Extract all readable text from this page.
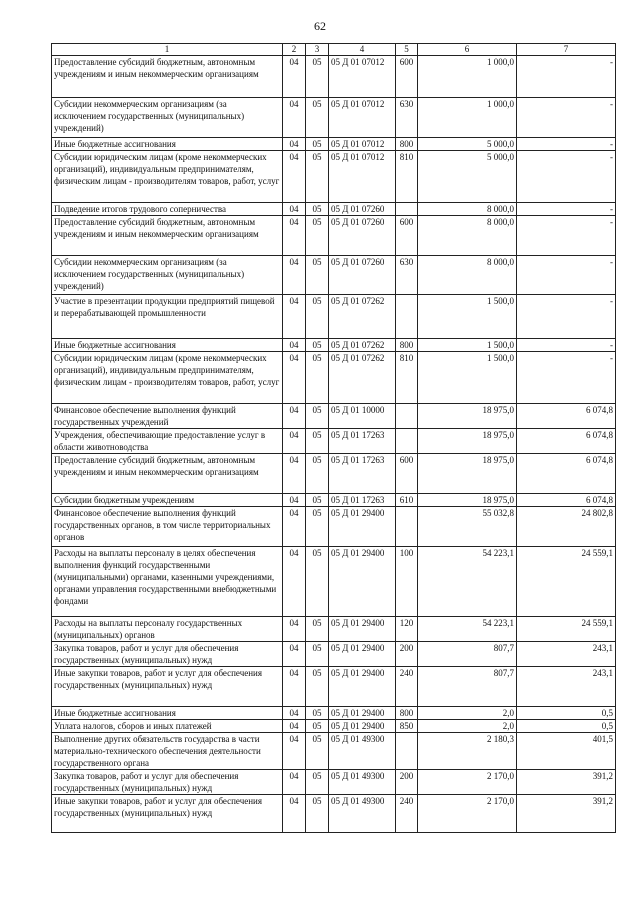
62
1	2	3	4	5	6	7
Предоставление субсидий бюджетным, автономным учреждениям и иным некоммерческим организациям	04	05	05 Д 01 07012	600	1 000,0	-
Субсидии некоммерческим организациям (за исключением государственных (муниципальных) учреждений)	04	05	05 Д 01 07012	630	1 000,0	-
Иные бюджетные ассигнования	04	05	05 Д 01 07012	800	5 000,0	-
Субсидии юридическим лицам (кроме некоммерческих организаций), индивидуальным предпринимателям, физическим лицам - производителям товаров, работ, услуг	04	05	05 Д 01 07012	810	5 000,0	-
Подведение итогов трудового соперничества	04	05	05 Д 01 07260		8 000,0	-
Предоставление субсидий бюджетным, автономным учреждениям и иным некоммерческим организациям	04	05	05 Д 01 07260	600	8 000,0	-
Субсидии некоммерческим организациям (за исключением государственных (муниципальных) учреждений)	04	05	05 Д 01 07260	630	8 000,0	-
Участие в презентации продукции предприятий пищевой и перерабатывающей промышленности	04	05	05 Д 01 07262		1 500,0	-
Иные бюджетные ассигнования	04	05	05 Д 01 07262	800	1 500,0	-
Субсидии юридическим лицам (кроме некоммерческих организаций), индивидуальным предпринимателям, физическим лицам - производителям товаров, работ, услуг	04	05	05 Д 01 07262	810	1 500,0	-
Финансовое обеспечение выполнения функций государственных учреждений	04	05	05 Д 01 10000		18 975,0	6 074,8
Учреждения, обеспечивающие предоставление услуг в области животноводства	04	05	05 Д 01 17263		18 975,0	6 074,8
Предоставление субсидий бюджетным, автономным учреждениям и иным некоммерческим организациям	04	05	05 Д 01 17263	600	18 975,0	6 074,8
Субсидии бюджетным учреждениям	04	05	05 Д 01 17263	610	18 975,0	6 074,8
Финансовое обеспечение выполнения функций государственных органов, в том числе территориальных органов	04	05	05 Д 01 29400		55 032,8	24 802,8
Расходы на выплаты персоналу в целях обеспечения выполнения функций государственными (муниципальными) органами, казенными учреждениями, органами управления государственными внебюджетными фондами	04	05	05 Д 01 29400	100	54 223,1	24 559,1
Расходы на выплаты персоналу государственных (муниципальных) органов	04	05	05 Д 01 29400	120	54 223,1	24 559,1
Закупка товаров, работ и услуг для обеспечения государственных (муниципальных) нужд	04	05	05 Д 01 29400	200	807,7	243,1
Иные закупки товаров, работ и услуг для обеспечения государственных (муниципальных) нужд	04	05	05 Д 01 29400	240	807,7	243,1
Иные бюджетные ассигнования	04	05	05 Д 01 29400	800	2,0	0,5
Уплата налогов, сборов и иных платежей	04	05	05 Д 01 29400	850	2,0	0,5
Выполнение других обязательств государства в части материально-технического обеспечения деятельности государственного органа	04	05	05 Д 01 49300		2 180,3	401,5
Закупка товаров, работ и услуг для обеспечения государственных (муниципальных) нужд	04	05	05 Д 01 49300	200	2 170,0	391,2
Иные закупки товаров, работ и услуг для обеспечения государственных (муниципальных) нужд	04	05	05 Д 01 49300	240	2 170,0	391,2
